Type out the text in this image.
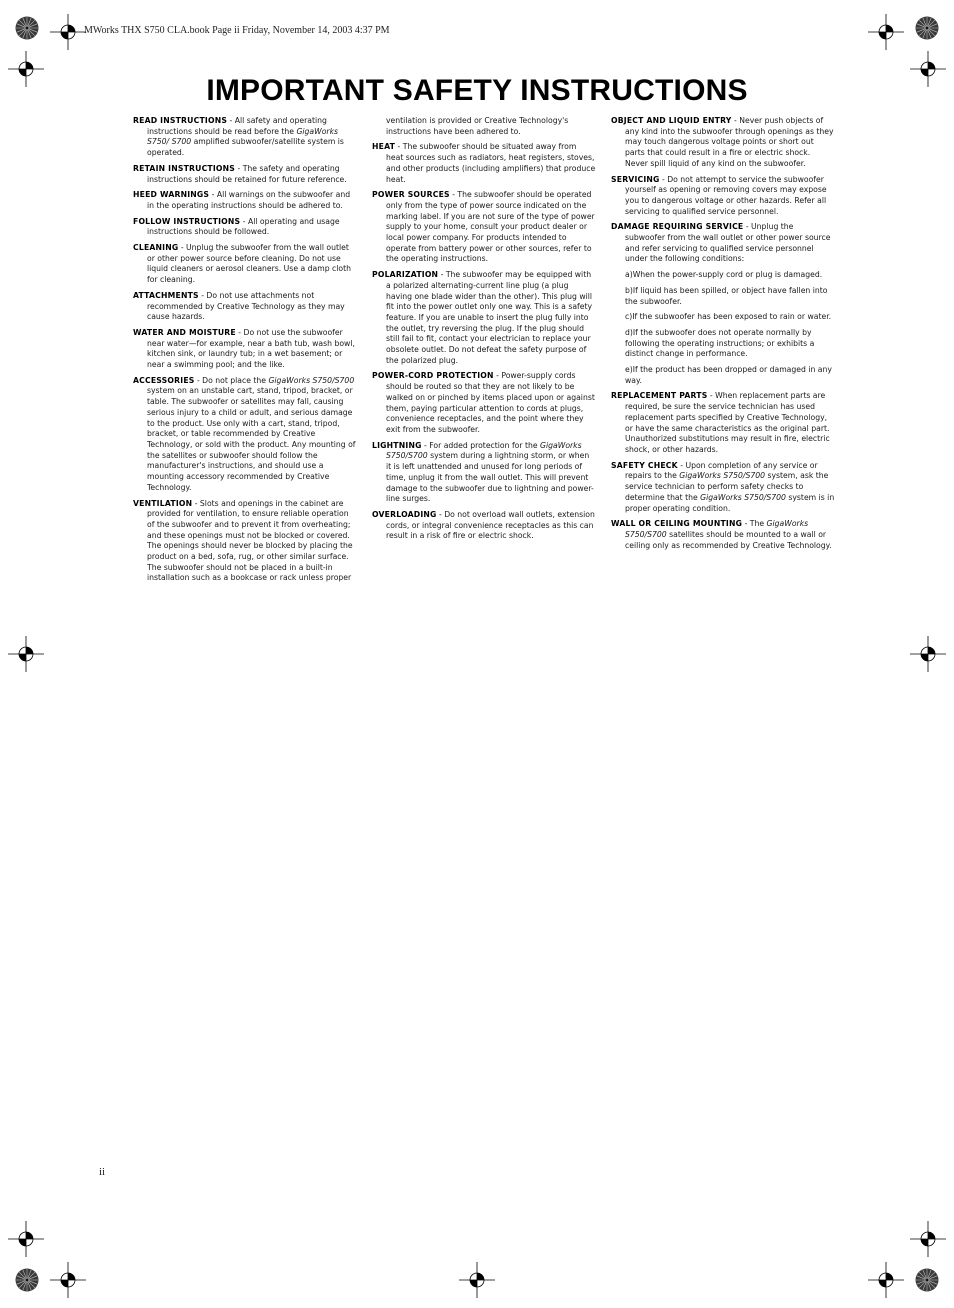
MWorks THX S750 CLA.book Page ii Friday, November 14, 2003 4:37 PM
IMPORTANT SAFETY INSTRUCTIONS

READ INSTRUCTIONS - All safety and operating instructions should be read before the GigaWorks S750/ S700 amplified subwoofer/satellite system is operated.

RETAIN INSTRUCTIONS - The safety and operating instructions should be retained for future reference.

HEED WARNINGS - All warnings on the subwoofer and in the operating instructions should be adhered to.

FOLLOW INSTRUCTIONS - All operating and usage instructions should be followed.

CLEANING - Unplug the subwoofer from the wall outlet or other power source before cleaning. Do not use liquid cleaners or aerosol cleaners. Use a damp cloth for cleaning.

ATTACHMENTS - Do not use attachments not recommended by Creative Technology as they may cause hazards.

WATER AND MOISTURE - Do not use the subwoofer near water—for example, near a bath tub, wash bowl, kitchen sink, or laundry tub; in a wet basement; or near a swimming pool; and the like.

ACCESSORIES - Do not place the GigaWorks S750/S700 system on an unstable cart, stand, tripod, bracket, or table. The subwoofer or satellites may fall, causing serious injury to a child or adult, and serious damage to the product. Use only with a cart, stand, tripod, bracket, or table recommended by Creative Technology, or sold with the product. Any mounting of the satellites or subwoofer should follow the manufacturer's instructions, and should use a mounting accessory recommended by Creative Technology.

VENTILATION - Slots and openings in the cabinet are provided for ventilation, to ensure reliable operation of the subwoofer and to prevent it from overheating; and these openings must not be blocked or covered. The openings should never be blocked by placing the product on a bed, sofa, rug, or other similar surface. The subwoofer should not be placed in a built-in installation such as a bookcase or rack unless proper

ventilation is provided or Creative Technology's instructions have been adhered to.

HEAT - The subwoofer should be situated away from heat sources such as radiators, heat registers, stoves, and other products (including amplifiers) that produce heat.

POWER SOURCES - The subwoofer should be operated only from the type of power source indicated on the marking label. If you are not sure of the type of power supply to your home, consult your product dealer or local power company. For products intended to operate from battery power or other sources, refer to the operating instructions.

POLARIZATION - The subwoofer may be equipped with a polarized alternating-current line plug (a plug having one blade wider than the other). This plug will fit into the power outlet only one way. This is a safety feature. If you are unable to insert the plug fully into the outlet, try reversing the plug. If the plug should still fail to fit, contact your electrician to replace your obsolete outlet. Do not defeat the safety purpose of the polarized plug.

POWER-CORD PROTECTION - Power-supply cords should be routed so that they are not likely to be walked on or pinched by items placed upon or against them, paying particular attention to cords at plugs, convenience receptacles, and the point where they exit from the subwoofer.

LIGHTNING - For added protection for the GigaWorks S750/S700 system during a lightning storm, or when it is left unattended and unused for long periods of time, unplug it from the wall outlet. This will prevent damage to the subwoofer due to lightning and power-line surges.

OVERLOADING - Do not overload wall outlets, extension cords, or integral convenience receptacles as this can result in a risk of fire or electric shock.

OBJECT AND LIQUID ENTRY - Never push objects of any kind into the subwoofer through openings as they may touch dangerous voltage points or short out parts that could result in a fire or electric shock. Never spill liquid of any kind on the subwoofer.

SERVICING - Do not attempt to service the subwoofer yourself as opening or removing covers may expose you to dangerous voltage or other hazards. Refer all servicing to qualified service personnel.

DAMAGE REQUIRING SERVICE - Unplug the subwoofer from the wall outlet or other power source and refer servicing to qualified service personnel under the following conditions:

a)When the power-supply cord or plug is damaged.

b)If liquid has been spilled, or object have fallen into the subwoofer.

c)If the subwoofer has been exposed to rain or water.

d)If the subwoofer does not operate normally by following the operating instructions; or exhibits a distinct change in performance.

e)If the product has been dropped or damaged in any way.

REPLACEMENT PARTS - When replacement parts are required, be sure the service technician has used replacement parts specified by Creative Technology, or have the same characteristics as the original part. Unauthorized substitutions may result in fire, electric shock, or other hazards.

SAFETY CHECK - Upon completion of any service or repairs to the GigaWorks S750/S700 system, ask the service technician to perform safety checks to determine that the GigaWorks S750/S700 system is in proper operating condition.

WALL OR CEILING MOUNTING - The GigaWorks S750/S700 satellites should be mounted to a wall or ceiling only as recommended by Creative Technology.

ii
